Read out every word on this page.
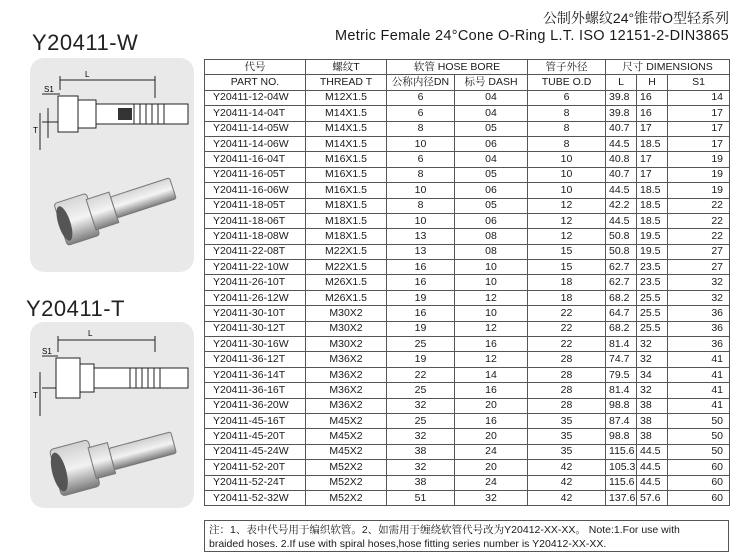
Y20411-W
Y20411-T
S1
L
T
S1
L
T
公制外螺纹24°锥带O型轻系列
Metric Female 24°Cone O-Ring L.T. ISO 12151-2-DIN3865
代号	螺纹T	软管 HOSE BORE		管子外径	尺寸 DIMENSIONS		
PART NO.	THREAD T	公称内径DN	标号 DASH	TUBE O.D	L	H	S1
Y20411-12-04W	M12X1.5	6	04	6	39.8	16	14
Y20411-14-04T	M14X1.5	6	04	8	39.8	16	17
Y20411-14-05W	M14X1.5	8	05	8	40.7	17	17
Y20411-14-06W	M14X1.5	10	06	8	44.5	18.5	17
Y20411-16-04T	M16X1.5	6	04	10	40.8	17	19
Y20411-16-05T	M16X1.5	8	05	10	40.7	17	19
Y20411-16-06W	M16X1.5	10	06	10	44.5	18.5	19
Y20411-18-05T	M18X1.5	8	05	12	42.2	18.5	22
Y20411-18-06T	M18X1.5	10	06	12	44.5	18.5	22
Y20411-18-08W	M18X1.5	13	08	12	50.8	19.5	22
Y20411-22-08T	M22X1.5	13	08	15	50.8	19.5	27
Y20411-22-10W	M22X1.5	16	10	15	62.7	23.5	27
Y20411-26-10T	M26X1.5	16	10	18	62.7	23.5	32
Y20411-26-12W	M26X1.5	19	12	18	68.2	25.5	32
Y20411-30-10T	M30X2	16	10	22	64.7	25.5	36
Y20411-30-12T	M30X2	19	12	22	68.2	25.5	36
Y20411-30-16W	M30X2	25	16	22	81.4	32	36
Y20411-36-12T	M36X2	19	12	28	74.7	32	41
Y20411-36-14T	M36X2	22	14	28	79.5	34	41
Y20411-36-16T	M36X2	25	16	28	81.4	32	41
Y20411-36-20W	M36X2	32	20	28	98.8	38	41
Y20411-45-16T	M45X2	25	16	35	87.4	38	50
Y20411-45-20T	M45X2	32	20	35	98.8	38	50
Y20411-45-24W	M45X2	38	24	35	115.6	44.5	50
Y20411-52-20T	M52X2	32	20	42	105.3	44.5	60
Y20411-52-24T	M52X2	38	24	42	115.6	44.5	60
Y20411-52-32W	M52X2	51	32	42	137.6	57.6	60
注：1、表中代号用于编织软管。2、如需用于缠绕软管代号改为Y20412-XX-XX。 Note:1.For use with
braided hoses. 2.If use with spiral hoses,hose fitting series number is Y20412-XX-XX.
